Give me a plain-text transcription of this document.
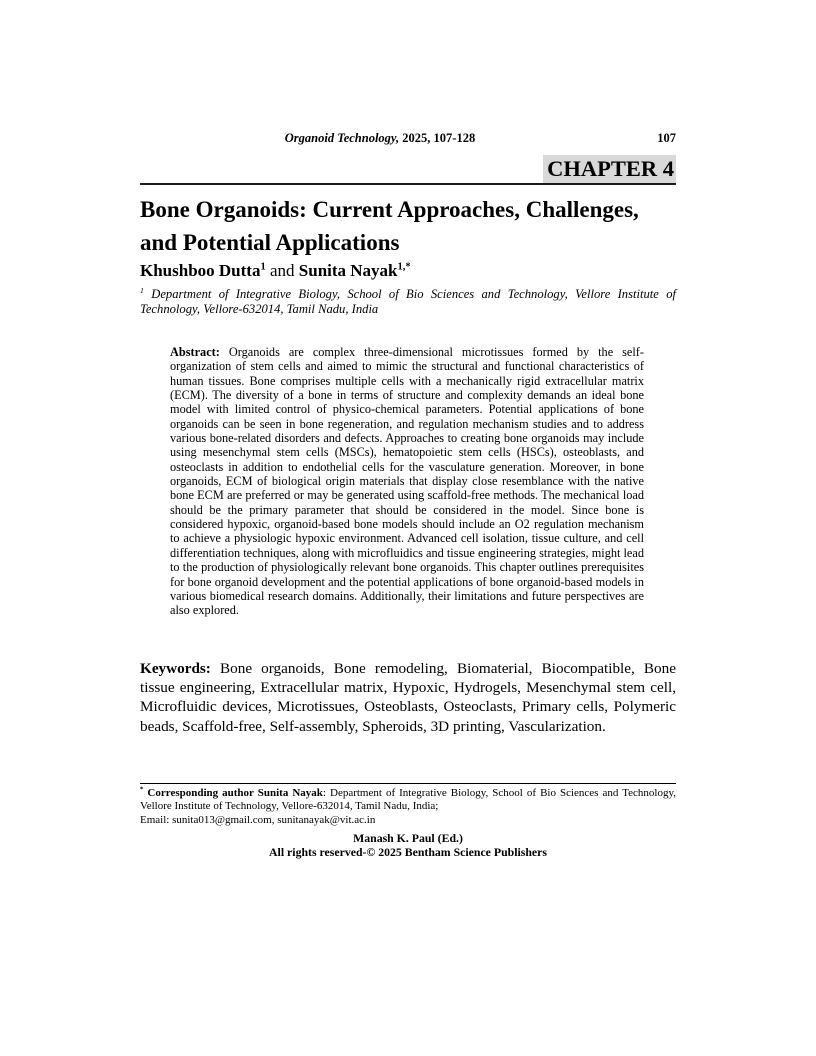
Organoid Technology, 2025, 107-128	107
CHAPTER 4
Bone Organoids: Current Approaches, Challenges,
and Potential Applications
Khushboo Dutta$^1$ and Sunita Nayak$^{1,*}$
$^1$ Department of Integrative Biology, School of Bio Sciences and Technology, Vellore Institute of Technology, Vellore-632014, Tamil Nadu, India
Abstract: Organoids are complex three-dimensional microtissues formed by the self-organization of stem cells and aimed to mimic the structural and functional characteristics of human tissues. Bone comprises multiple cells with a mechanically rigid extracellular matrix (ECM). The diversity of a bone in terms of structure and complexity demands an ideal bone model with limited control of physico-chemical parameters. Potential applications of bone organoids can be seen in bone regeneration, and regulation mechanism studies and to address various bone-related disorders and defects. Approaches to creating bone organoids may include using mesenchymal stem cells (MSCs), hematopoietic stem cells (HSCs), osteoblasts, and osteoclasts in addition to endothelial cells for the vasculature generation. Moreover, in bone organoids, ECM of biological origin materials that display close resemblance with the native bone ECM are preferred or may be generated using scaffold-free methods. The mechanical load should be the primary parameter that should be considered in the model. Since bone is considered hypoxic, organoid-based bone models should include an O2 regulation mechanism to achieve a physiologic hypoxic environment. Advanced cell isolation, tissue culture, and cell differentiation techniques, along with microfluidics and tissue engineering strategies, might lead to the production of physiologically relevant bone organoids. This chapter outlines prerequisites for bone organoid development and the potential applications of bone organoid-based models in various biomedical research domains. Additionally, their limitations and future perspectives are also explored.
Keywords: Bone organoids, Bone remodeling, Biomaterial, Biocompatible, Bone tissue engineering, Extracellular matrix, Hypoxic, Hydrogels, Mesenchymal stem cell, Microfluidic devices, Microtissues, Osteoblasts, Osteoclasts, Primary cells, Polymeric beads, Scaffold-free, Self-assembly, Spheroids, 3D printing, Vascularization.
* Corresponding author Sunita Nayak: Department of Integrative Biology, School of Bio Sciences and Technology, Vellore Institute of Technology, Vellore-632014, Tamil Nadu, India;
Email: sunita013@gmail.com, sunitanayak@vit.ac.in
Manash K. Paul (Ed.)
All rights reserved-© 2025 Bentham Science Publishers
